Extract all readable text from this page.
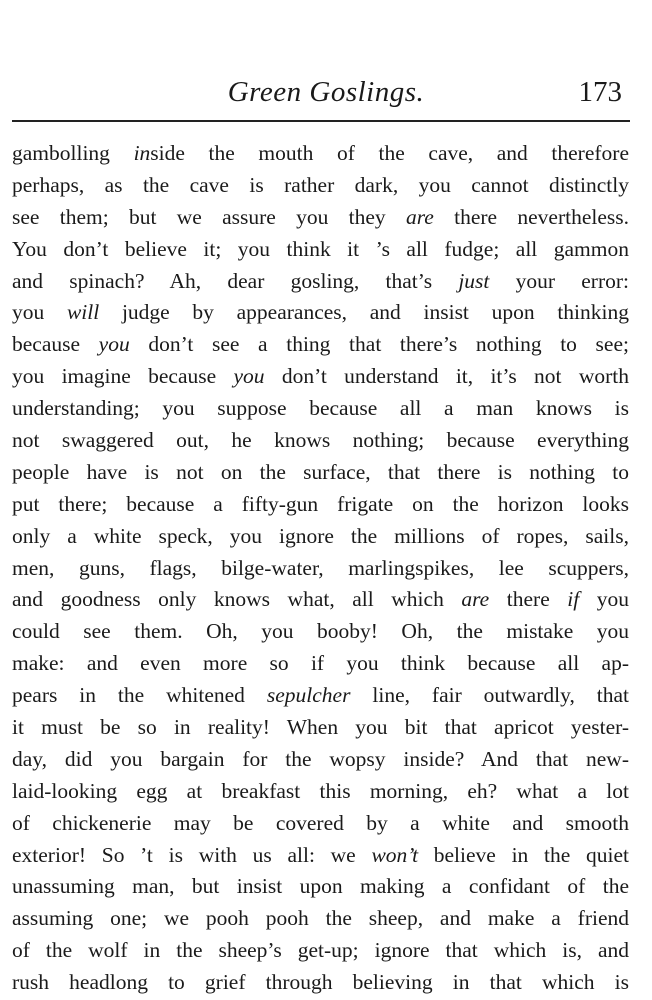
Green Goslings.	173
gambolling inside the mouth of the cave, and therefore
perhaps, as the cave is rather dark, you cannot distinctly
see them; but we assure you they are there nevertheless.
You don’t believe it; you think it ’s all fudge; all gammon
and spinach? Ah, dear gosling, that’s just your error:
you will judge by appearances, and insist upon thinking
because you don’t see a thing that there’s nothing to see;
you imagine because you don’t understand it, it’s not worth
understanding; you suppose because all a man knows is
not swaggered out, he knows nothing; because everything
people have is not on the surface, that there is nothing to
put there; because a fifty-gun frigate on the horizon looks
only a white speck, you ignore the millions of ropes, sails,
men, guns, flags, bilge-water, marlingspikes, lee scuppers,
and goodness only knows what, all which are there if you
could see them. Oh, you booby! Oh, the mistake you
make: and even more so if you think because all ap-
pears in the whitened sepulcher line, fair outwardly, that
it must be so in reality! When you bit that apricot yester-
day, did you bargain for the wopsy inside? And that new-
laid-looking egg at breakfast this morning, eh? what a lot
of chickenerie may be covered by a white and smooth
exterior! So ’t is with us all: we won’t believe in the quiet
unassuming man, but insist upon making a confidant of the
assuming one; we pooh pooh the sheep, and make a friend
of the wolf in the sheep’s get-up; ignore that which is, and
rush headlong to grief through believing in that which is
